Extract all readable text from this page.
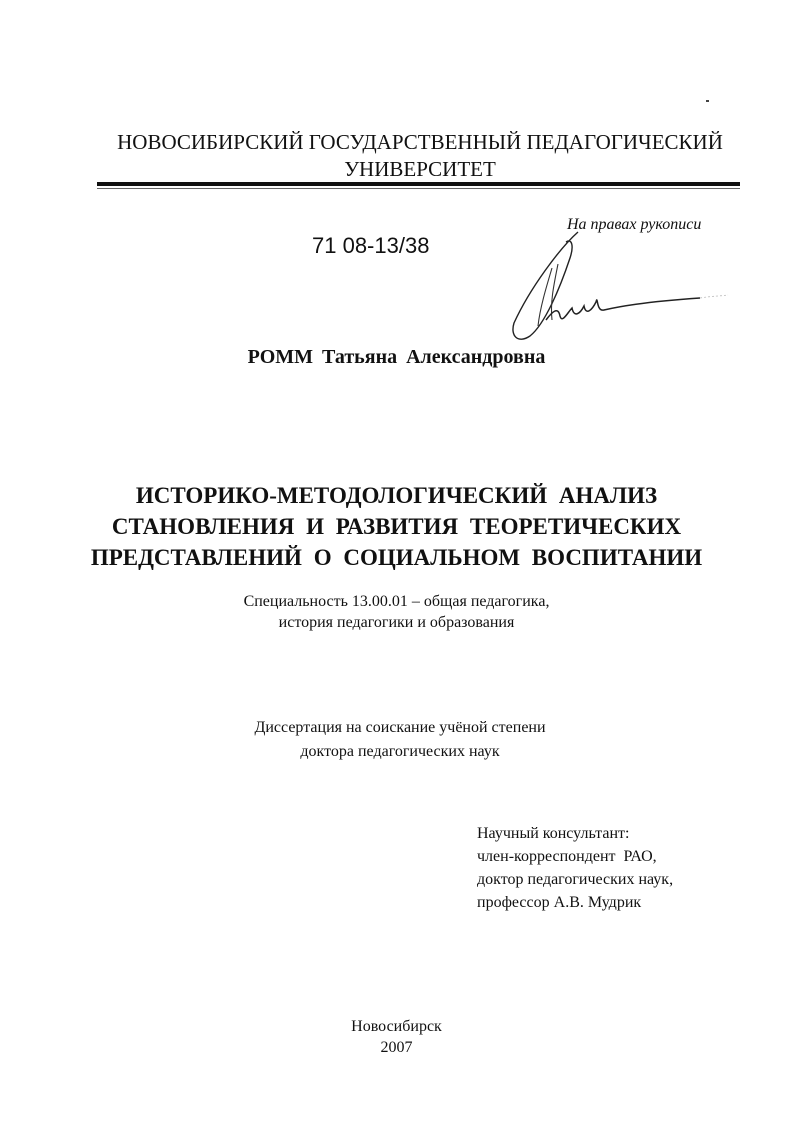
НОВОСИБИРСКИЙ ГОСУДАРСТВЕННЫЙ ПЕДАГОГИЧЕСКИЙ
УНИВЕРСИТЕТ
На правах рукописи
71 08-13/38
РОММ Татьяна Александровна
ИСТОРИКО-МЕТОДОЛОГИЧЕСКИЙ АНАЛИЗ
СТАНОВЛЕНИЯ И РАЗВИТИЯ ТЕОРЕТИЧЕСКИХ
ПРЕДСТАВЛЕНИЙ О СОЦИАЛЬНОМ ВОСПИТАНИИ
Специальность 13.00.01 – общая педагогика,
история педагогики и образования
Диссертация на соискание учёной степени
доктора педагогических наук
Научный консультант:
член-корреспондент  РАО,
доктор педагогических наук,
профессор А.В. Мудрик
Новосибирск
2007
